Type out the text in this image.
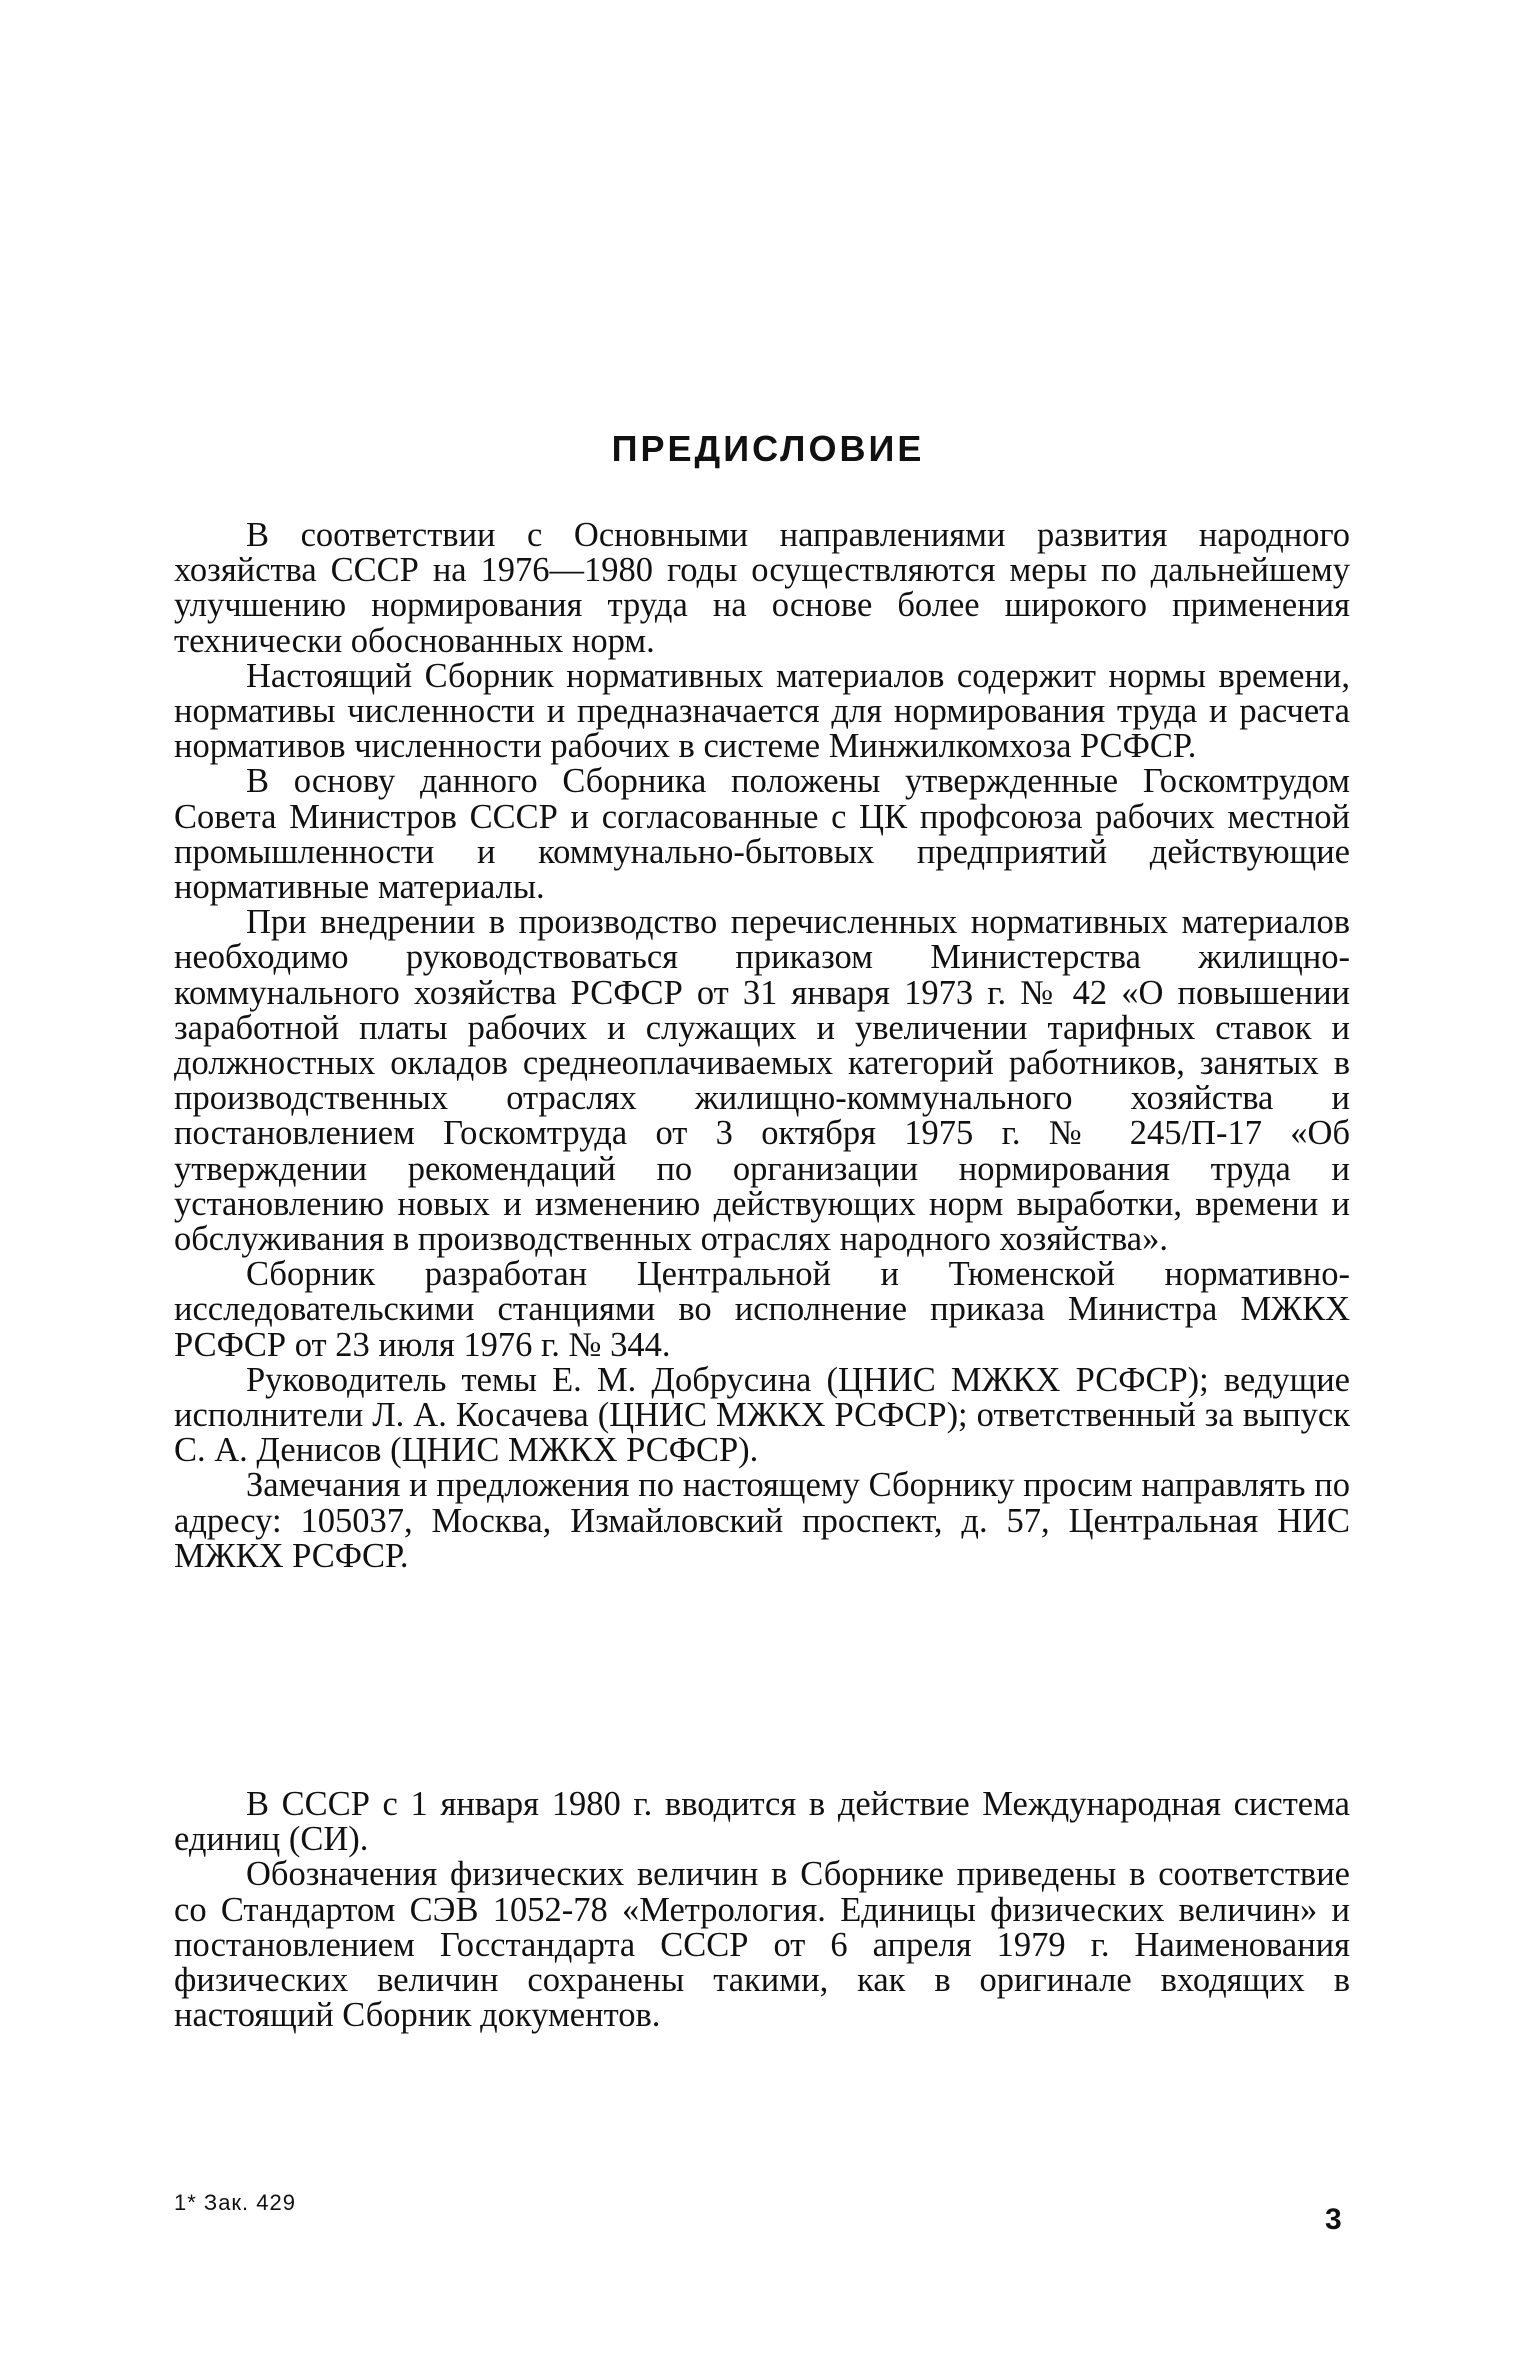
ПРЕДИСЛОВИЕ

В соответствии с Основными направлениями развития народного хозяйства СССР на 1976—1980 годы осуществляются меры по дальнейшему улучшению нормирования труда на основе более широкого применения технически обоснованных норм.

Настоящий Сборник нормативных материалов содержит нормы времени, нормативы численности и предназначается для нормирования труда и расчета нормативов численности рабочих в системе Минжилкомхоза РСФСР.

В основу данного Сборника положены утвержденные Госкомтрудом Совета Министров СССР и согласованные с ЦК профсоюза рабочих местной промышленности и коммунально-бытовых предприятий действующие нормативные материалы.

При внедрении в производство перечисленных нормативных материалов необходимо руководствоваться приказом Министерства жилищно-коммунального хозяйства РСФСР от 31 января 1973 г. № 42 «О повышении заработной платы рабочих и служащих и увеличении тарифных ставок и должностных окладов среднеоплачиваемых категорий работников, занятых в производственных отраслях жилищно-коммунального хозяйства и постановлением Госкомтруда от 3 октября 1975 г. № 245/П-17 «Об утверждении рекомендаций по организации нормирования труда и установлению новых и изменению действующих норм выработки, времени и обслуживания в производственных отраслях народного хозяйства».

Сборник разработан Центральной и Тюменской нормативно-исследовательскими станциями во исполнение приказа Министра МЖКХ РСФСР от 23 июля 1976 г. № 344.

Руководитель темы Е. М. Добрусина (ЦНИС МЖКХ РСФСР); ведущие исполнители Л. А. Косачева (ЦНИС МЖКХ РСФСР); ответственный за выпуск С. А. Денисов (ЦНИС МЖКХ РСФСР).

Замечания и предложения по настоящему Сборнику просим направлять по адресу: 105037, Москва, Измайловский проспект, д. 57, Центральная НИС МЖКХ РСФСР.

В СССР с 1 января 1980 г. вводится в действие Международная система единиц (СИ).

Обозначения физических величин в Сборнике приведены в соответствие со Стандартом СЭВ 1052-78 «Метрология. Единицы физических величин» и постановлением Госстандарта СССР от 6 апреля 1979 г. Наименования физических величин сохранены такими, как в оригинале входящих в настоящий Сборник документов.

1* Зак. 429
3
